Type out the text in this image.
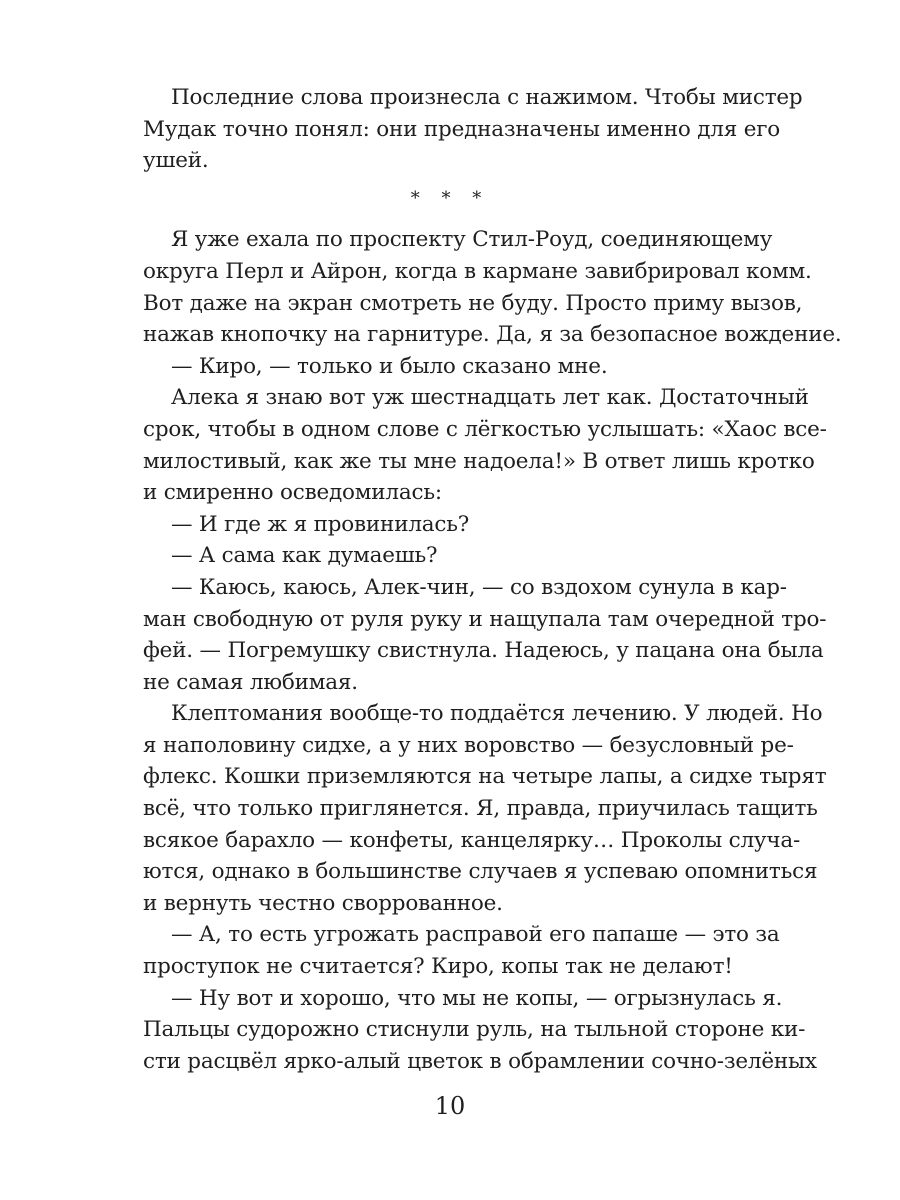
Последние слова произнесла с нажимом. Чтобы мистер
Мудак точно понял: они предназначены именно для его
ушей.
* * *
Я уже ехала по проспекту Стил-Роуд, соединяющему
округа Перл и Айрон, когда в кармане завибрировал комм.
Вот даже на экран смотреть не буду. Просто приму вызов,
нажав кнопочку на гарнитуре. Да, я за безопасное вождение.
— Киро, — только и было сказано мне.
Алека я знаю вот уж шестнадцать лет как. Достаточный
срок, чтобы в одном слове с лёгкостью услышать: «Хаос все-
милостивый, как же ты мне надоела!» В ответ лишь кротко
и смиренно осведомилась:
— И где ж я провинилась?
— А сама как думаешь?
— Каюсь, каюсь, Алек-чин, — со вздохом сунула в кар-
ман свободную от руля руку и нащупала там очередной тро-
фей. — Погремушку свистнула. Надеюсь, у пацана она была
не самая любимая.
Клептомания вообще-то поддаётся лечению. У людей. Но
я наполовину сидхе, а у них воровство — безусловный ре-
флекс. Кошки приземляются на четыре лапы, а сидхе тырят
всё, что только приглянется. Я, правда, приучилась тащить
всякое барахло — конфеты, канцелярку… Проколы случа-
ются, однако в большинстве случаев я успеваю опомниться
и вернуть честно своррованное.
— А, то есть угрожать расправой его папаше — это за
проступок не считается? Киро, копы так не делают!
— Ну вот и хорошо, что мы не копы, — огрызнулась я.
Пальцы судорожно стиснули руль, на тыльной стороне ки-
сти расцвёл ярко-алый цветок в обрамлении сочно-зелёных
10
